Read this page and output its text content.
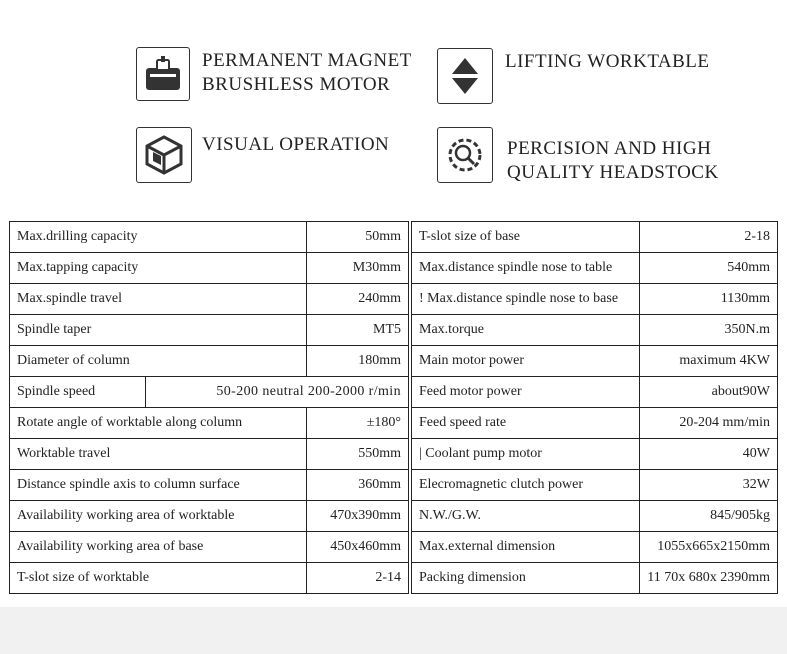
PERMANENT MAGNET
BRUSHLESS MOTOR
LIFTING WORKTABLE
VISUAL OPERATION	PERCISION AND HIGH
QUALITY HEADSTOCK
Max.drilling capacity	50mm
Max.tapping capacity	M30mm
Max.spindle travel	240mm
Spindle taper	MT5
Diameter of column	180mm

Spindle speed 50-200 neutral 200-2000 r/min	

Rotate angle of worktable along column	±180°
Worktable travel	550mm
Distance spindle axis to column surface	360mm
Availability working area of worktable	470x390mm
Availability working area of base	450x460mm
T-slot size of worktable	2-14
T-slot size of base	2-18
Max.distance spindle nose to table	540mm
! Max.distance spindle nose to base	1130mm
Max.torque	350N.m
Main motor power	maximum 4KW
Feed motor power	about90W
Feed speed rate	20-204 mm/min
| Coolant pump motor	40W
Elecromagnetic clutch power	32W
N.W./G.W.	845/905kg
Max.external dimension	1055x665x2150mm
Packing dimension	11 70x 680x 2390mm
